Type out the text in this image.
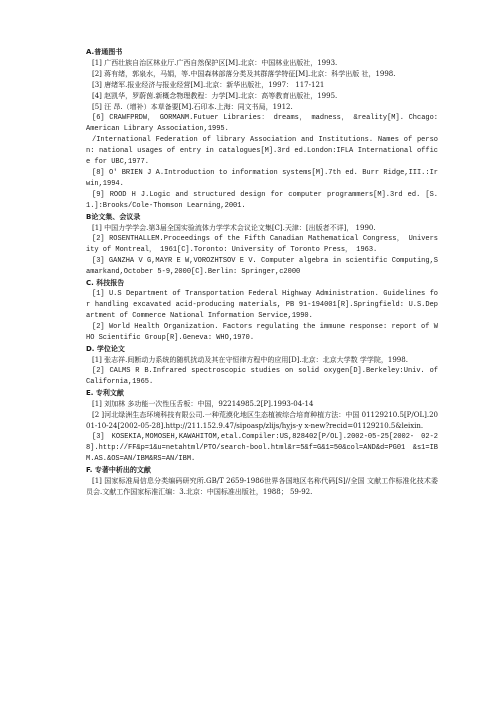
A.普通图书

[1] 广西壮族自治区林业厅.广西自然保护区[M].北京：中国林业出版社，1993.

[2] 蒋有绪，郭泉水，马娟，等.中国森林部落分类及其群落学特征[M].北京：科学出版 社，1998.

[3] 唐绪军.报业经济与报业经营[M].北京：新华出版社，1997： 117-121

[4] 赵凯华，罗蔚茵.新概念物理教程：力学[M].北京：高等教育出版社，1995.

[5] 汪 昂.（增补）本草备要[M].石印本.上海：同文书局，1912.

[6] CRAWFPRDW， GORMANM.Futuer Libraries： dreams， madness， &reality[M]. Chcago: American Library Association,1995.

/International Federation of library Association and Institutions. Names of person: national usages of entry in catalogues[M].3rd ed.London:IFLA International office for UBC,1977.

[8] O' BRIEN J A.Introduction to information systems[M].7th ed. Burr Ridge,III.:Irwin,1994.

[9] ROOD H J.Logic and structured design for computer programmers[M].3rd ed. [S.1.]:Brooks/Cole-Thomson Learning,2001.

B论文集、会议录

[1] 中国力学学会.第3届全国实验流体力学学术会议论文集[C].天津：[出版者不详]， 1990.

[2] ROSENTHALLEM.Proceedings of the Fifth Canadian Mathematical Congress， University of Montreal， 1961[C].Toronto: University of Toronto Press， 1963.

[3] GANZHA V G,MAYR E W,VOROZHTSOV E V. Computer algebra in scientific Computing,Samarkand,October 5-9,2000[C].Berlin: Springer,c2000

C. 科技报告

[1] U.S Department of Transportation Federal Highway Administration. Guidelines for handling excavated acid-producing materials, PB 91-194001[R].Springfield: U.S.Department of Commerce National Information Service,1990.

[2] World Health Organization. Factors regulating the immune response: report of WHO Scientific Group[R].Geneva: WHO,1970.

D. 学位论文

[1] 张志祥.间断动力系统的随机扰动及其在守恒律方程中的应用[D].北京：北京大学数 学学院，1998.

[2] CALMS R B.Infrared spectroscopic studies on solid oxygen[D].Berkeley:Univ. of California,1965.

E. 专利文献

[1] 刘加林 多功能一次性压舌板：中国，92214985.2[P].1993-04-14

[2 ]河北绿洲生态环境科技有限公司.一种荒漠化地区生态植被综合培育种植方法：中国 01129210.5[P/OL].2001-10-24[2002-05-28].http://211.152.9.47/sipoasp/zlijs/hyjs-y x-new?recid=01129210.5&leixin.

[3] KOSEKIA,MOMOSEH,KAWAHITOM,etal.Compiler:US,828402[P/OL].2002-05-25[2002- 02-28].http://FF&p=1&u=netahtml/PTO/search-bool.html&r=5&f=G&1=50&col=AND&d=PG01 &s1=IBM.AS.&OS=AN/IBM&RS=AN/IBM.

F. 专著中析出的文献

[1] 国家标准局信息分类编码研究所.GB/T 2659-1986世界各国地区名称代码[S]//全国 文献工作标准化技术委员会.文献工作国家标准汇编：3.北京：中国标准出版社，1988； 59-92.
